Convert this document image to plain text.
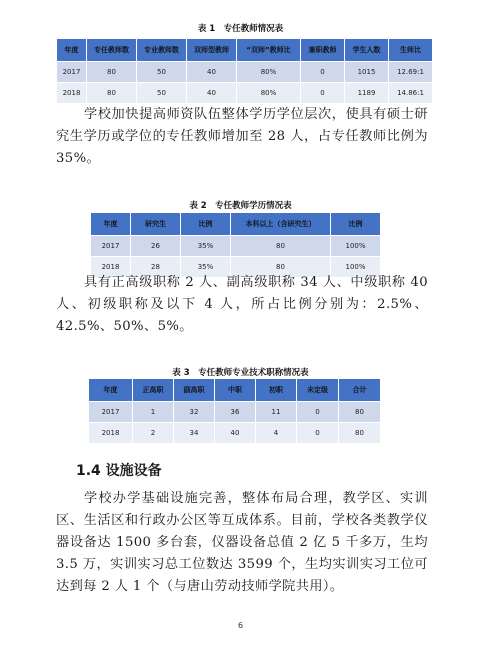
表 1　专任教师情况表
年度	专任教师数	专业教师数	双师型教师	“双师”教师比	兼职教师	学生人数	生师比
2017	80	50	40	80%	0	1015	12.69:1
2018	80	50	40	80%	0	1189	14.86:1

学校加快提高师资队伍整体学历学位层次，使具有硕士研究生学历或学位的专任教师增加至 28 人，占专任教师比例为 35%。

表 2　专任教师学历情况表
年度	研究生	比例	本科以上（含研究生）	比例
2017	26	35%	80	100%
2018	28	35%	80	100%

具有正高级职称 2 人、副高级职称 34 人、中级职称 40 人、初级职称及以下 4 人，所占比例分别为：2.5%、42.5%、50%、5%。

表 3　专任教师专业技术职称情况表
年度	正高职	副高职	中职	初职	未定级	合计
2017	1	32	36	11	0	80
2018	2	34	40	4	0	80
1.4 设施设备

学校办学基础设施完善，整体布局合理，教学区、实训区、生活区和行政办公区等互成体系。目前，学校各类教学仪器设备达 1500 多台套，仪器设备总值 2 亿 5 千多万，生均 3.5 万，实训实习总工位数达 3599 个，生均实训实习工位可达到每 2 人 1 个（与唐山劳动技师学院共用）。

6
